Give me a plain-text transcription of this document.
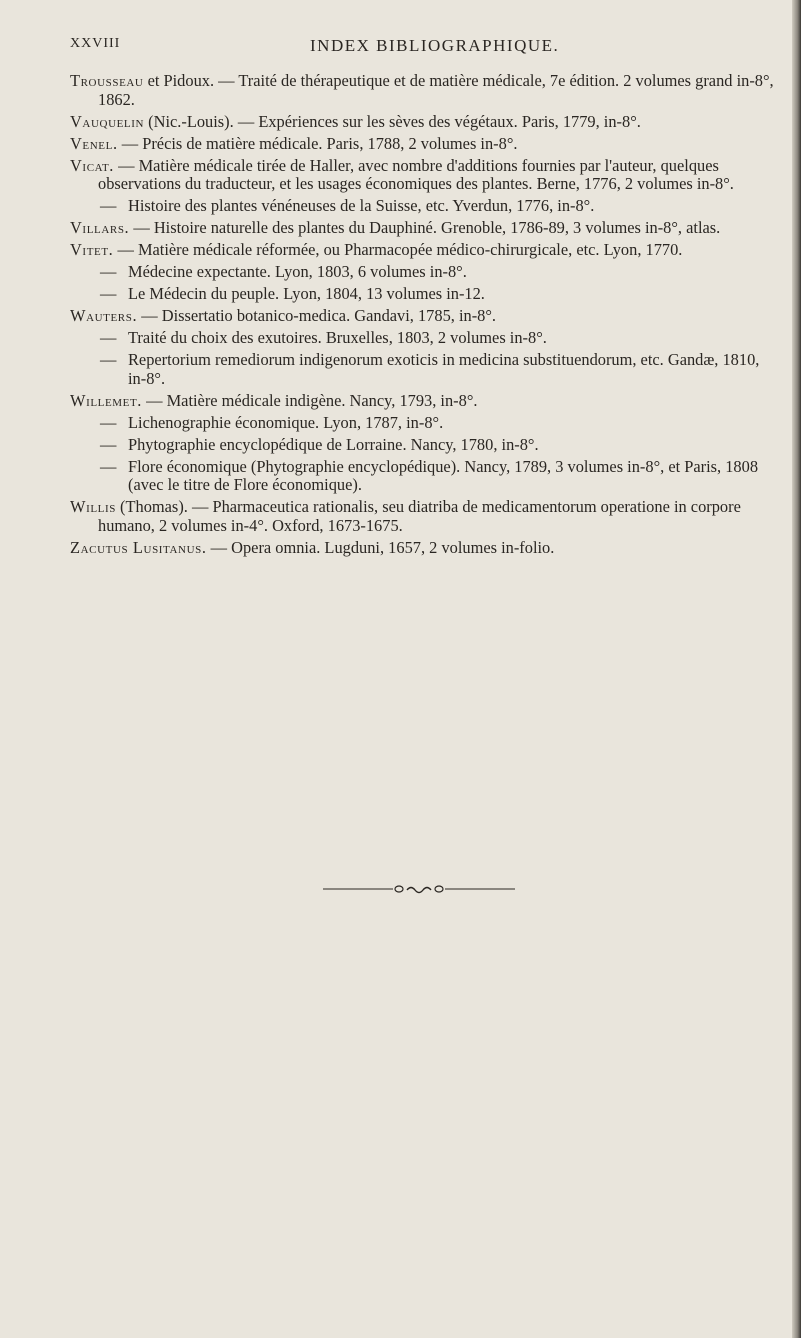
XXVIII	INDEX BIBLIOGRAPHIQUE.

Trousseau et Pidoux. — Traité de thérapeutique et de matière médicale, 7e édition. 2 volumes grand in-8°, 1862.

Vauquelin (Nic.-Louis). — Expériences sur les sèves des végétaux. Paris, 1779, in-8°.

Venel. — Précis de matière médicale. Paris, 1788, 2 volumes in-8°.

Vicat. — Matière médicale tirée de Haller, avec nombre d'additions fournies par l'auteur, quelques observations du traducteur, et les usages économiques des plantes. Berne, 1776, 2 volumes in-8°.

— Histoire des plantes vénéneuses de la Suisse, etc. Yverdun, 1776, in-8°.

Villars. — Histoire naturelle des plantes du Dauphiné. Grenoble, 1786-89, 3 volumes in-8°, atlas.

Vitet. — Matière médicale réformée, ou Pharmacopée médico-chirurgicale, etc. Lyon, 1770.

— Médecine expectante. Lyon, 1803, 6 volumes in-8°.

— Le Médecin du peuple. Lyon, 1804, 13 volumes in-12.

Wauters. — Dissertatio botanico-medica. Gandavi, 1785, in-8°.

— Traité du choix des exutoires. Bruxelles, 1803, 2 volumes in-8°.

— Repertorium remediorum indigenorum exoticis in medicina substituendorum, etc. Gandæ, 1810, in-8°.

Willemet. — Matière médicale indigène. Nancy, 1793, in-8°.

— Lichenographie économique. Lyon, 1787, in-8°.

— Phytographie encyclopédique de Lorraine. Nancy, 1780, in-8°.

— Flore économique (Phytographie encyclopédique). Nancy, 1789, 3 volumes in-8°, et Paris, 1808 (avec le titre de Flore économique).

Willis (Thomas). — Pharmaceutica rationalis, seu diatriba de medicamentorum operatione in corpore humano, 2 volumes in-4°. Oxford, 1673-1675.

Zacutus Lusitanus. — Opera omnia. Lugduni, 1657, 2 volumes in-folio.
